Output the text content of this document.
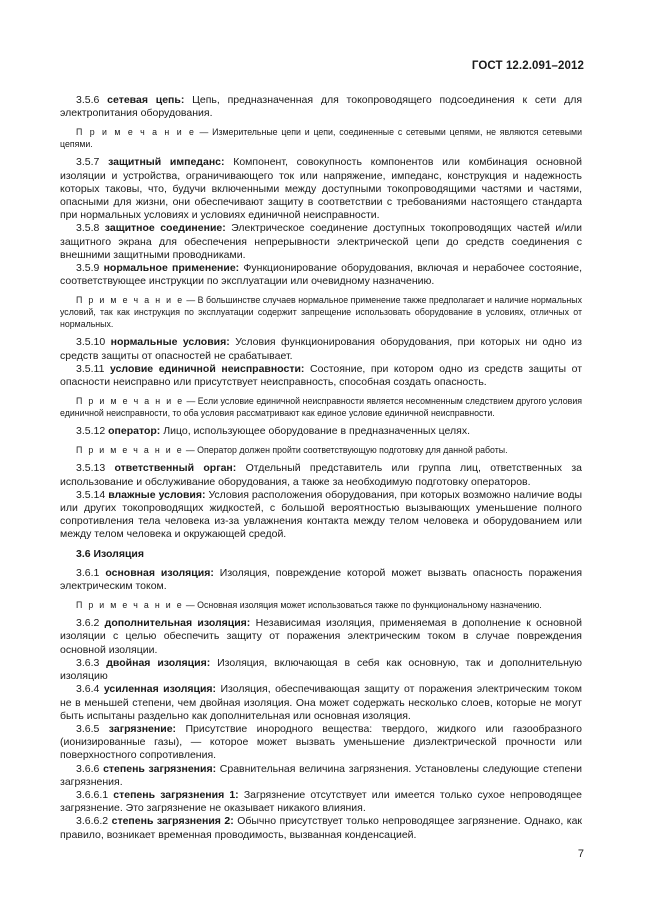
ГОСТ 12.2.091–2012

3.5.6 сетевая цепь: Цепь, предназначенная для токопроводящего подсоединения к сети для электропитания оборудования.

П р и м е ч а н и е — Измерительные цепи и цепи, соединенные с сетевыми цепями, не являются сетевыми цепями.

3.5.7 защитный импеданс: Компонент, совокупность компонентов или комбинация основной изоляции и устройства, ограничивающего ток или напряжение, импеданс, конструкция и надежность которых таковы, что, будучи включенными между доступными токопроводящими частями и частями, опасными для жизни, они обеспечивают защиту в соответствии с требованиями настоящего стандарта при нормальных условиях и условиях единичной неисправности.

3.5.8 защитное соединение: Электрическое соединение доступных токопроводящих частей и/или защитного экрана для обеспечения непрерывности электрической цепи до средств соединения с внешними защитными проводниками.

3.5.9 нормальное применение: Функционирование оборудования, включая и нерабочее состояние, соответствующее инструкции по эксплуатации или очевидному назначению.

П р и м е ч а н и е — В большинстве случаев нормальное применение также предполагает и наличие нормальных условий, так как инструкция по эксплуатации содержит запрещение использовать оборудование в условиях, отличных от нормальных.

3.5.10 нормальные условия: Условия функционирования оборудования, при которых ни одно из средств защиты от опасностей не срабатывает.

3.5.11 условие единичной неисправности: Состояние, при котором одно из средств защиты от опасности неисправно или присутствует неисправность, способная создать опасность.

П р и м е ч а н и е — Если условие единичной неисправности является несомненным следствием другого условия единичной неисправности, то оба условия рассматривают как единое условие единичной неисправности.

3.5.12 оператор: Лицо, использующее оборудование в предназначенных целях.

П р и м е ч а н и е — Оператор должен пройти соответствующую подготовку для данной работы.

3.5.13 ответственный орган: Отдельный представитель или группа лиц, ответственных за использование и обслуживание оборудования, а также за необходимую подготовку операторов.

3.5.14 влажные условия: Условия расположения оборудования, при которых возможно наличие воды или других токопроводящих жидкостей, с большой вероятностью вызывающих уменьшение полного сопротивления тела человека из-за увлажнения контакта между телом человека и оборудованием или между телом человека и окружающей средой.

3.6 Изоляция

3.6.1 основная изоляция: Изоляция, повреждение которой может вызвать опасность поражения электрическим током.

П р и м е ч а н и е — Основная изоляция может использоваться также по функциональному назначению.

3.6.2 дополнительная изоляция: Независимая изоляция, применяемая в дополнение к основной изоляции с целью обеспечить защиту от поражения электрическим током в случае повреждения основной изоляции.

3.6.3 двойная изоляция: Изоляция, включающая в себя как основную, так и дополнительную изоляцию

3.6.4 усиленная изоляция: Изоляция, обеспечивающая защиту от поражения электрическим током не в меньшей степени, чем двойная изоляция. Она может содержать несколько слоев, которые не могут быть испытаны раздельно как дополнительная или основная изоляция.

3.6.5 загрязнение: Присутствие инородного вещества: твердого, жидкого или газообразного (ионизированные газы), — которое может вызвать уменьшение диэлектрической прочности или поверхностного сопротивления.

3.6.6 степень загрязнения: Сравнительная величина загрязнения. Установлены следующие степени загрязнения.

3.6.6.1 степень загрязнения 1: Загрязнение отсутствует или имеется только сухое непроводящее загрязнение. Это загрязнение не оказывает никакого влияния.

3.6.6.2 степень загрязнения 2: Обычно присутствует только непроводящее загрязнение. Однако, как правило, возникает временная проводимость, вызванная конденсацией.

7
